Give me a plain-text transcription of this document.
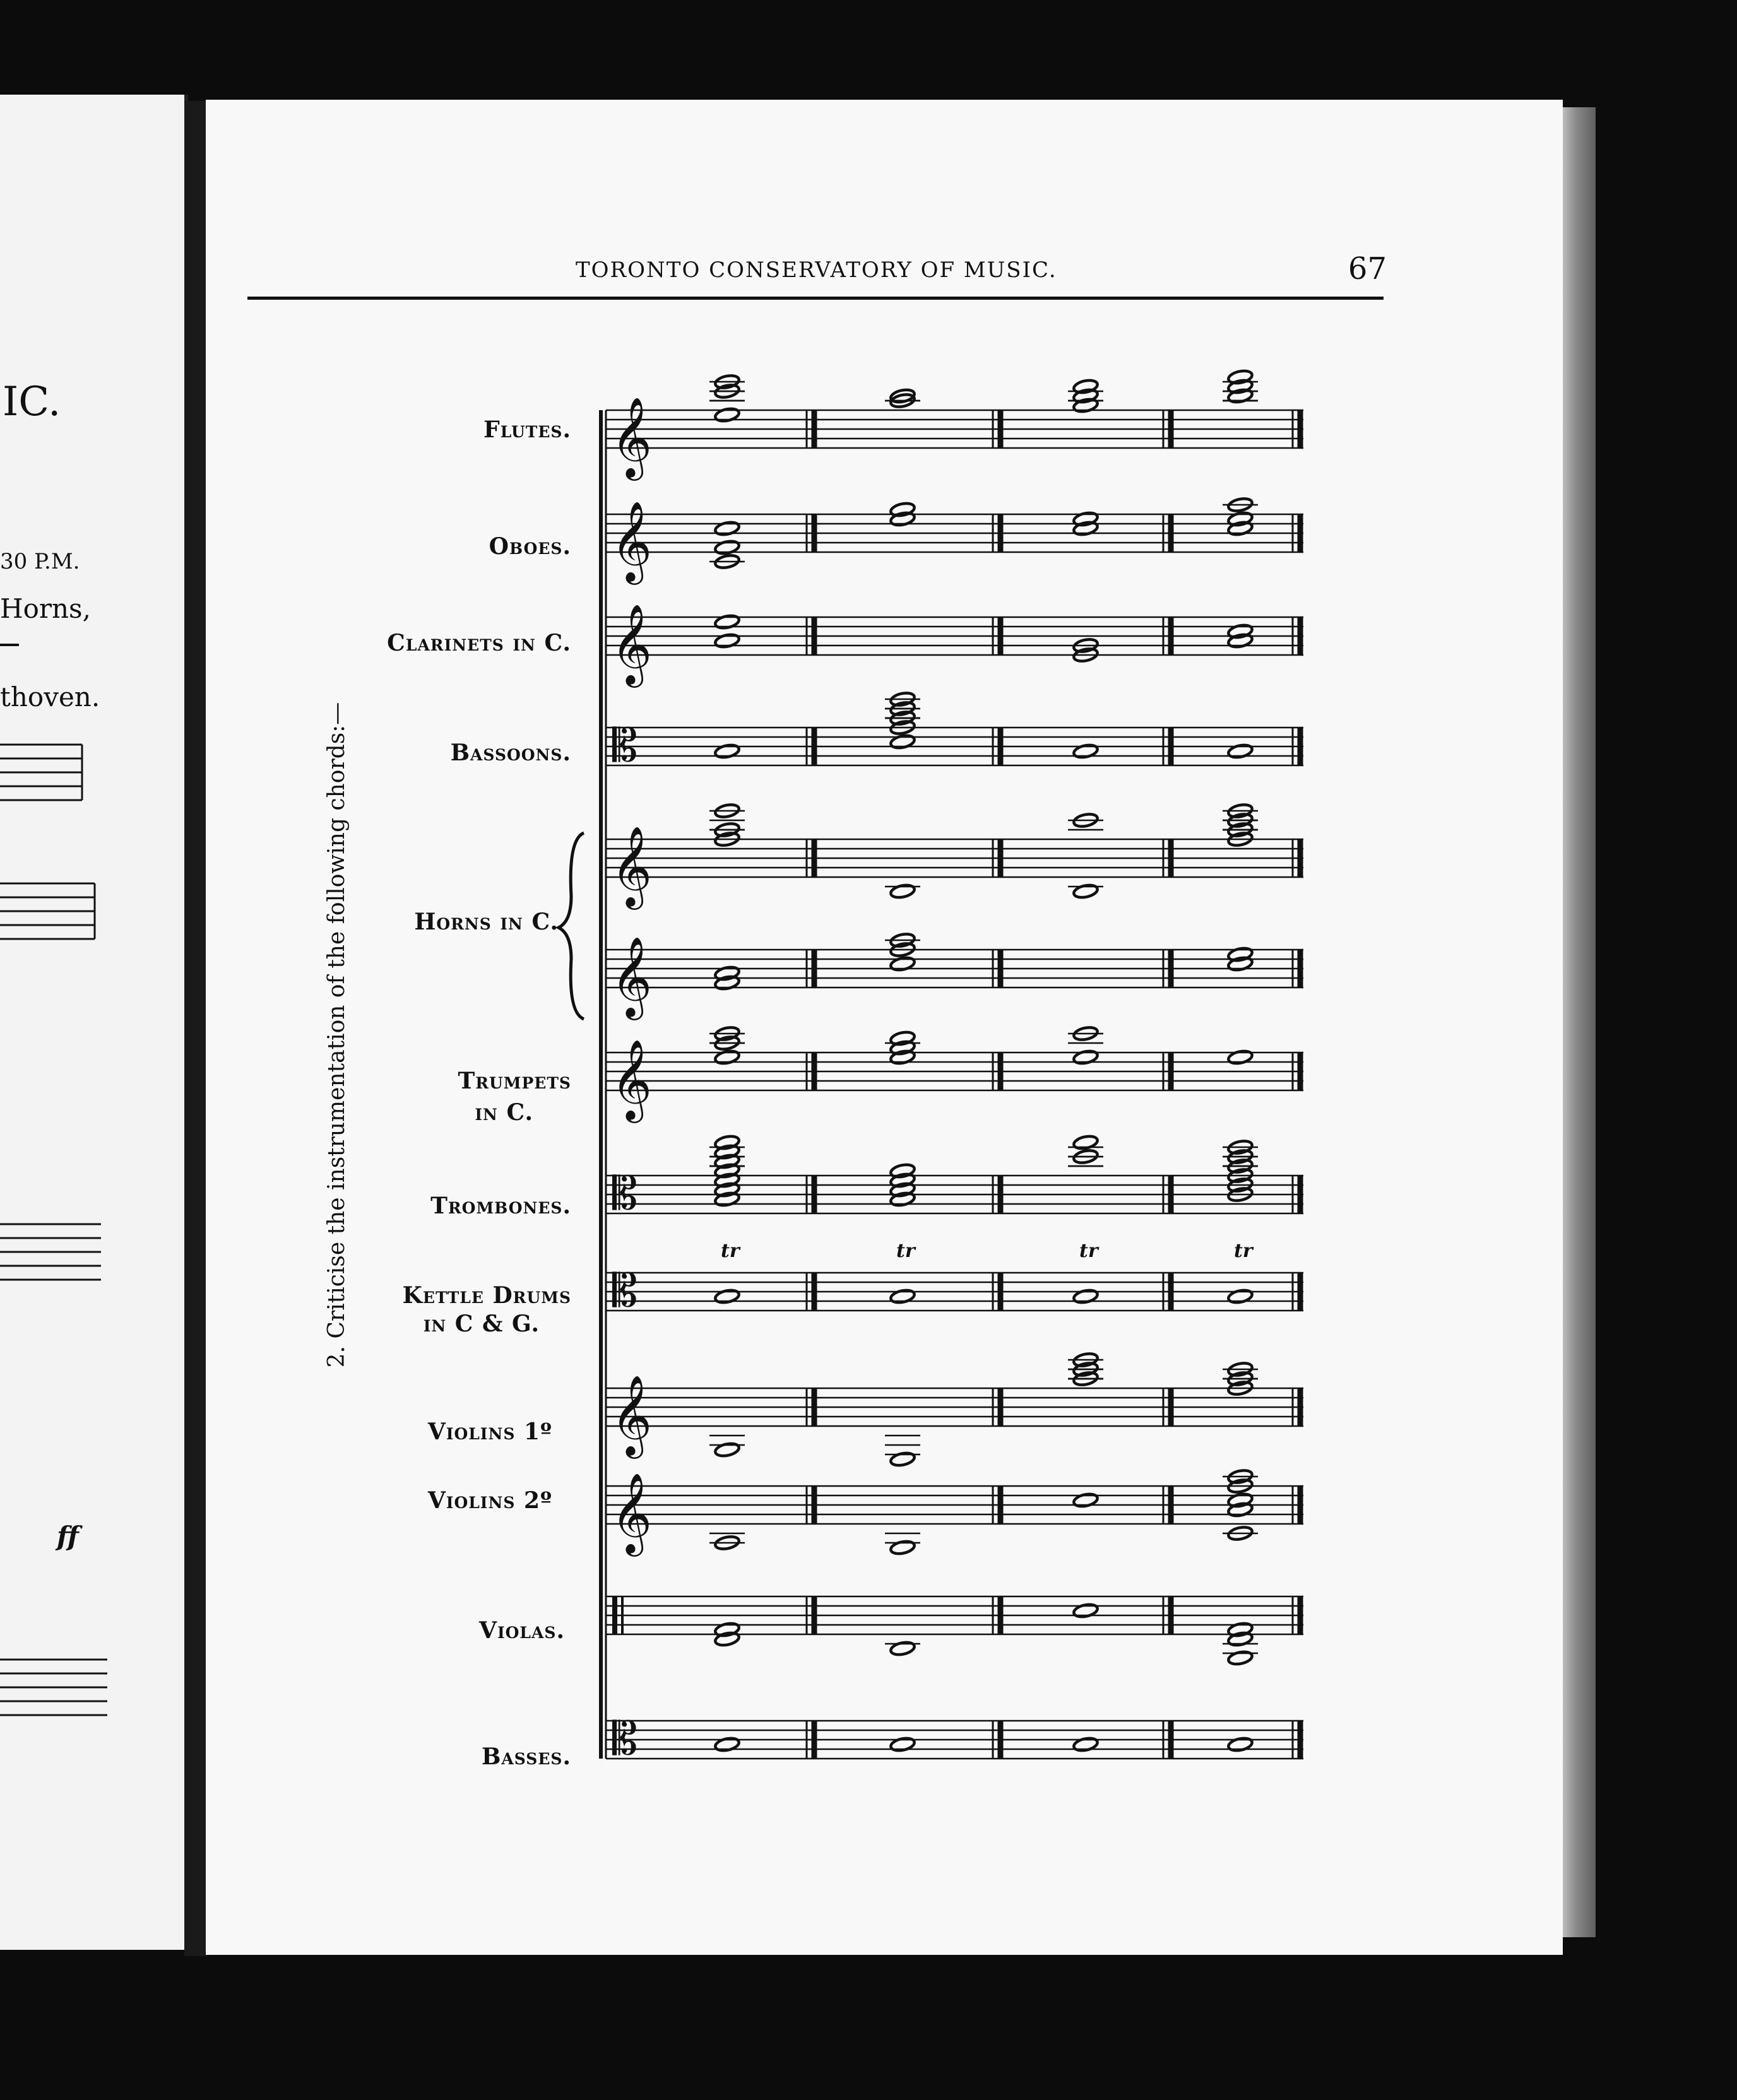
IC.
30 P.M.
Horns,
thoven.
ff
TORONTO CONSERVATORY OF MUSIC.	67
2. Criticise the instrumentation of the following chords:—
Flutes.
Oboes.
Clarinets in C.
Bassoons.
Horns in C.
Trumpets
in C.
Trombones.
Kettle Drums
in C & G.
Violins 1º
Violins 2º
Violas.
Basses.
𝄞
𝄞
𝄞
𝄡
𝄞
𝄞
𝄞
𝄡
𝄡
𝄞
𝄞
𝄡
tr	tr	tr	tr
